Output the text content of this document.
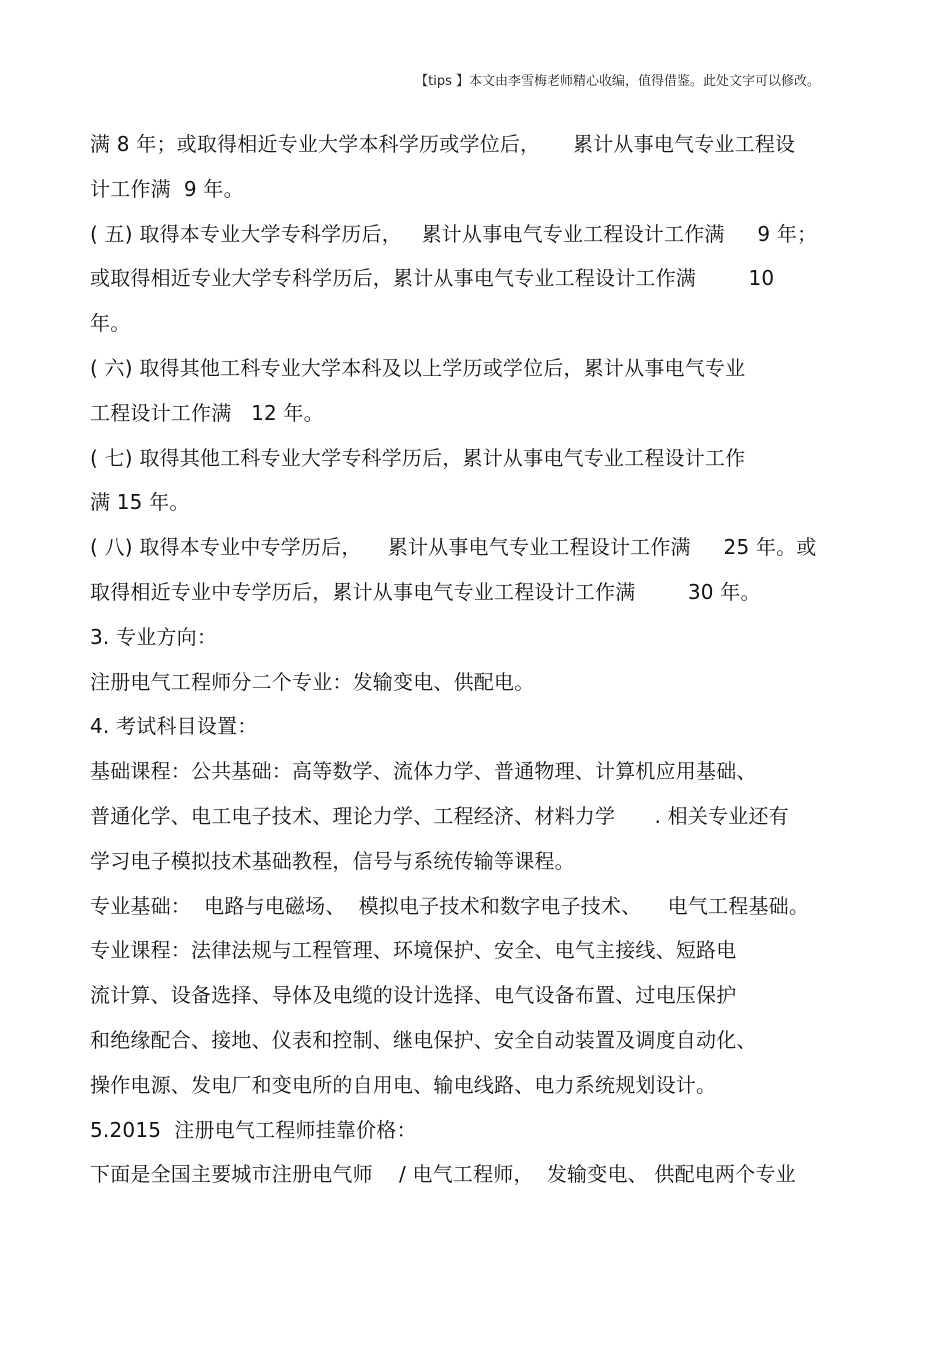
【tips 】本文由李雪梅老师精心收编，值得借鉴。此处文字可以修改。
满 8 年；或取得相近专业大学本科学历或学位后，     累计从事电气专业工程设
计工作满  9 年。
( 五) 取得本专业大学专科学历后，   累计从事电气专业工程设计工作满     9 年；
或取得相近专业大学专科学历后，累计从事电气专业工程设计工作满        10
年。
( 六) 取得其他工科专业大学本科及以上学历或学位后，累计从事电气专业
工程设计工作满   12 年。
( 七) 取得其他工科专业大学专科学历后，累计从事电气专业工程设计工作
满 15 年。
( 八) 取得本专业中专学历后，    累计从事电气专业工程设计工作满     25 年。或
取得相近专业中专学历后，累计从事电气专业工程设计工作满        30 年。
3. 专业方向：
注册电气工程师分二个专业：发输变电、供配电。
4. 考试科目设置：
基础课程：公共基础：高等数学、流体力学、普通物理、计算机应用基础、
普通化学、电工电子技术、理论力学、工程经济、材料力学      . 相关专业还有
学习电子模拟技术基础教程，信号与系统传输等课程。
专业基础：  电路与电磁场、  模拟电子技术和数字电子技术、    电气工程基础。
专业课程：法律法规与工程管理、环境保护、安全、电气主接线、短路电
流计算、设备选择、导体及电缆的设计选择、电气设备布置、过电压保护
和绝缘配合、接地、仪表和控制、继电保护、安全自动装置及调度自动化、
操作电源、发电厂和变电所的自用电、输电线路、电力系统规划设计。
5.2015  注册电气工程师挂靠价格：
下面是全国主要城市注册电气师    / 电气工程师，  发输变电、 供配电两个专业
